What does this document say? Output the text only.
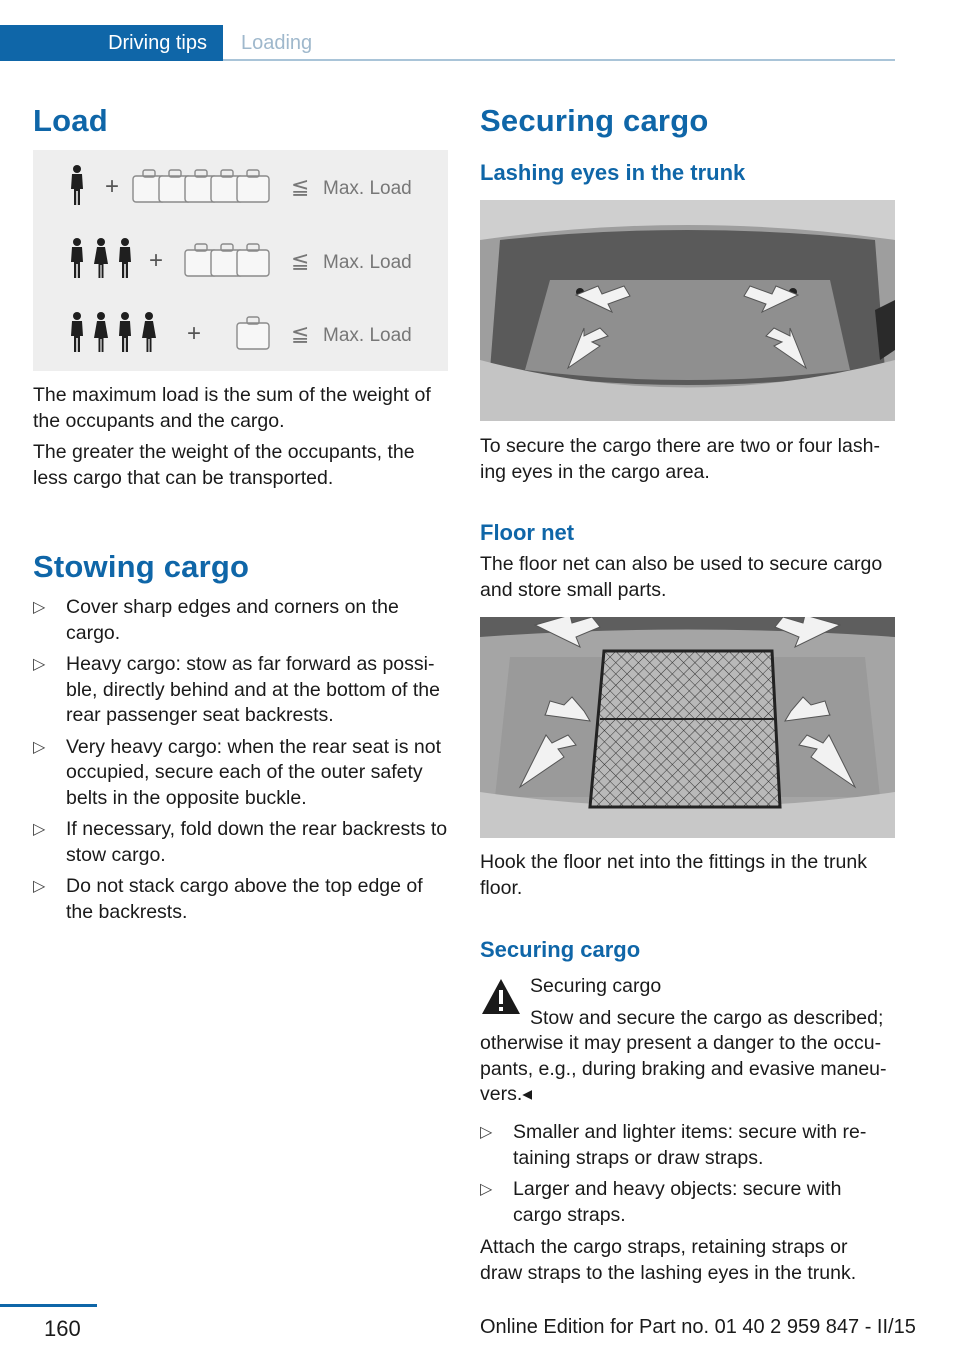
Driving tips Loading
Load
+	≦ Max. Load
+	≦ Max. Load
+	≦ Max. Load

The maximum load is the sum of the weight of the occupants and the cargo.

The greater the weight of the occupants, the less cargo that can be transported.

Stowing cargo
▷ Cover sharp edges and corners on the cargo.
▷ Heavy cargo: stow as far forward as possible, directly behind and at the bottom of the rear passenger seat backrests.
▷ Very heavy cargo: when the rear seat is not occupied, secure each of the outer safety belts in the opposite buckle.
▷ If necessary, fold down the rear backrests to stow cargo.
▷ Do not stack cargo above the top edge of the backrests.
Securing cargo
Lashing eyes in the trunk

To secure the cargo there are two or four lashing eyes in the cargo area.

Floor net

The floor net can also be used to secure cargo and store small parts.

Hook the floor net into the fittings in the trunk floor.

Securing cargo

Securing cargo

Stow and secure the cargo as described;

otherwise it may present a danger to the occupants, e.g., during braking and evasive maneuvers.◂

▷ Smaller and lighter items: secure with retaining straps or draw straps.
▷ Larger and heavy objects: secure with cargo straps.

Attach the cargo straps, retaining straps or draw straps to the lashing eyes in the trunk.

160	Online Edition for Part no. 01 40 2 959 847 - II/15
